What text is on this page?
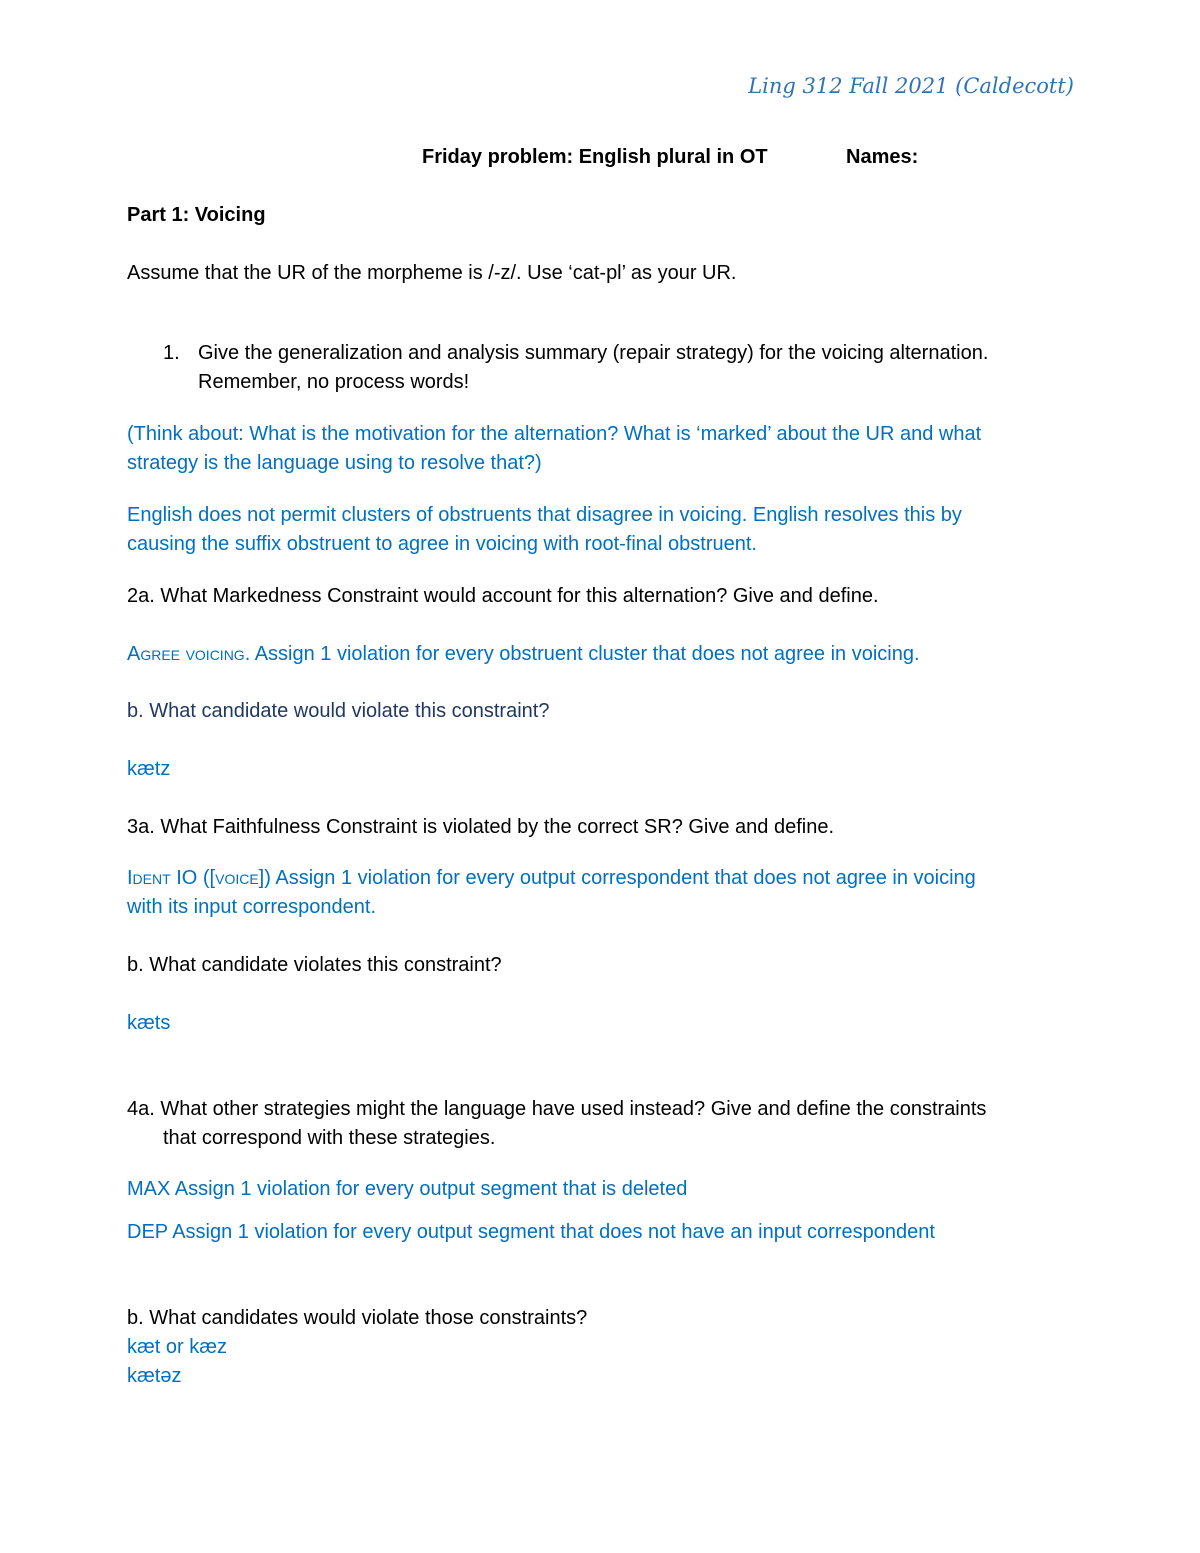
Ling 312 Fall 2021 (Caldecott)
Friday problem: English plural in OT	Names:
Part 1: Voicing
Assume that the UR of the morpheme is /-z/. Use ‘cat-pl’ as your UR.
1. Give the generalization and analysis summary (repair strategy) for the voicing alternation.
Remember, no process words!
(Think about: What is the motivation for the alternation? What is ‘marked’ about the UR and what
strategy is the language using to resolve that?)
English does not permit clusters of obstruents that disagree in voicing. English resolves this by
causing the suffix obstruent to agree in voicing with root-final obstruent.
2a. What Markedness Constraint would account for this alternation? Give and define.
Agree voicing. Assign 1 violation for every obstruent cluster that does not agree in voicing.
b. What candidate would violate this constraint?
kætz
3a. What Faithfulness Constraint is violated by the correct SR? Give and define.
Ident IO ([voice]) Assign 1 violation for every output correspondent that does not agree in voicing
with its input correspondent.
b. What candidate violates this constraint?
kæts
4a. What other strategies might the language have used instead? Give and define the constraints
that correspond with these strategies.
MAX Assign 1 violation for every output segment that is deleted
DEP Assign 1 violation for every output segment that does not have an input correspondent
b. What candidates would violate those constraints?
kæt or kæz
kætəz
